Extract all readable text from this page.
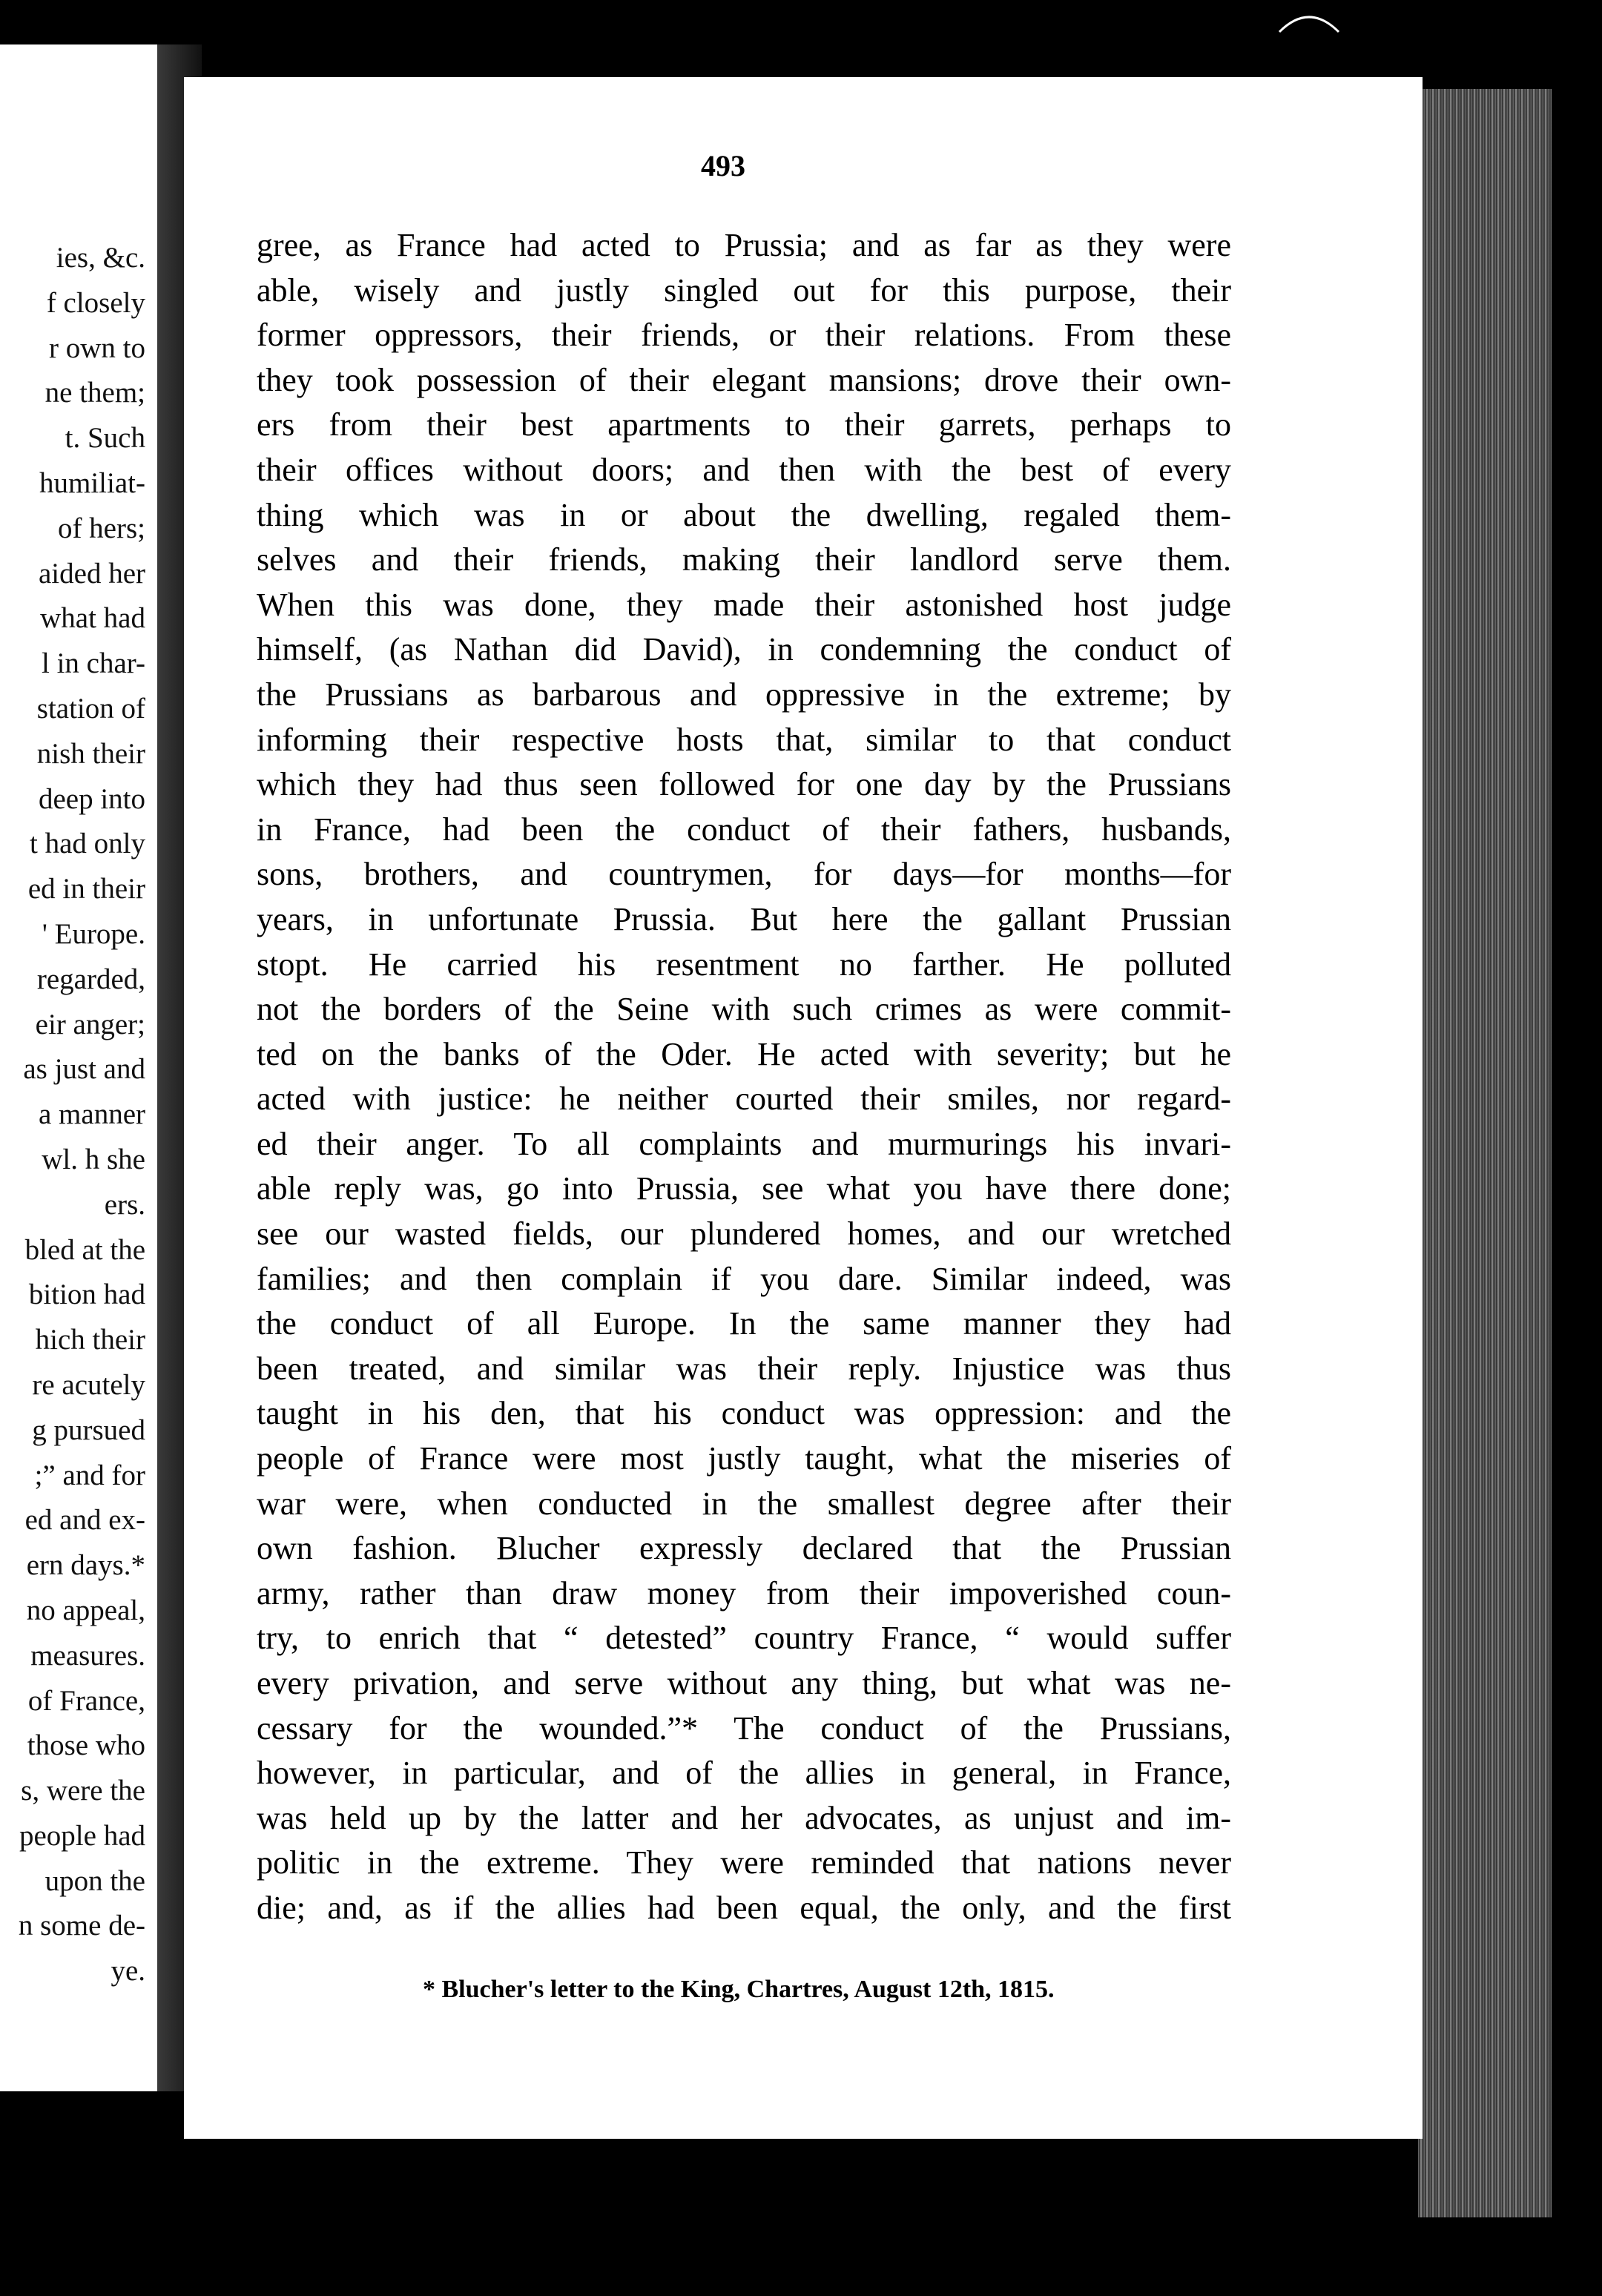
ies, &c.
f closely
r own to
ne them;
t. Such
humiliat-
of hers;
aided her
what had
l in char-
station of
nish their
deep into
t had only
ed in their
' Europe.
regarded,
eir anger;
as just and
a manner
wl. h she
ers.
bled at the
bition had
hich their
re acutely
g pursued
;” and for
ed and ex-
ern days.*
no appeal,
measures.
of France,
those who
s, were the
people had
upon the
n some de-
ye.
493
gree, as France had acted to Prussia; and as far as they were
able, wisely and justly singled out for this purpose, their
former oppressors, their friends, or their relations. From these
they took possession of their elegant mansions; drove their own-
ers from their best apartments to their garrets, perhaps to
their offices without doors; and then with the best of every
thing which was in or about the dwelling, regaled them-
selves and their friends, making their landlord serve them.
When this was done, they made their astonished host judge
himself, (as Nathan did David), in condemning the conduct of
the Prussians as barbarous and oppressive in the extreme; by
informing their respective hosts that, similar to that conduct
which they had thus seen followed for one day by the Prussians
in France, had been the conduct of their fathers, husbands,
sons, brothers, and countrymen, for days—for months—for
years, in unfortunate Prussia. But here the gallant Prussian
stopt. He carried his resentment no farther. He polluted
not the borders of the Seine with such crimes as were commit-
ted on the banks of the Oder. He acted with severity; but he
acted with justice: he neither courted their smiles, nor regard-
ed their anger. To all complaints and murmurings his invari-
able reply was, go into Prussia, see what you have there done;
see our wasted fields, our plundered homes, and our wretched
families; and then complain if you dare. Similar indeed, was
the conduct of all Europe. In the same manner they had
been treated, and similar was their reply. Injustice was thus
taught in his den, that his conduct was oppression: and the
people of France were most justly taught, what the miseries of
war were, when conducted in the smallest degree after their
own fashion. Blucher expressly declared that the Prussian
army, rather than draw money from their impoverished coun-
try, to enrich that “ detested” country France, “ would suffer
every privation, and serve without any thing, but what was ne-
cessary for the wounded.”* The conduct of the Prussians,
however, in particular, and of the allies in general, in France,
was held up by the latter and her advocates, as unjust and im-
politic in the extreme. They were reminded that nations never
die; and, as if the allies had been equal, the only, and the first
* Blucher's letter to the King, Chartres, August 12th, 1815.
